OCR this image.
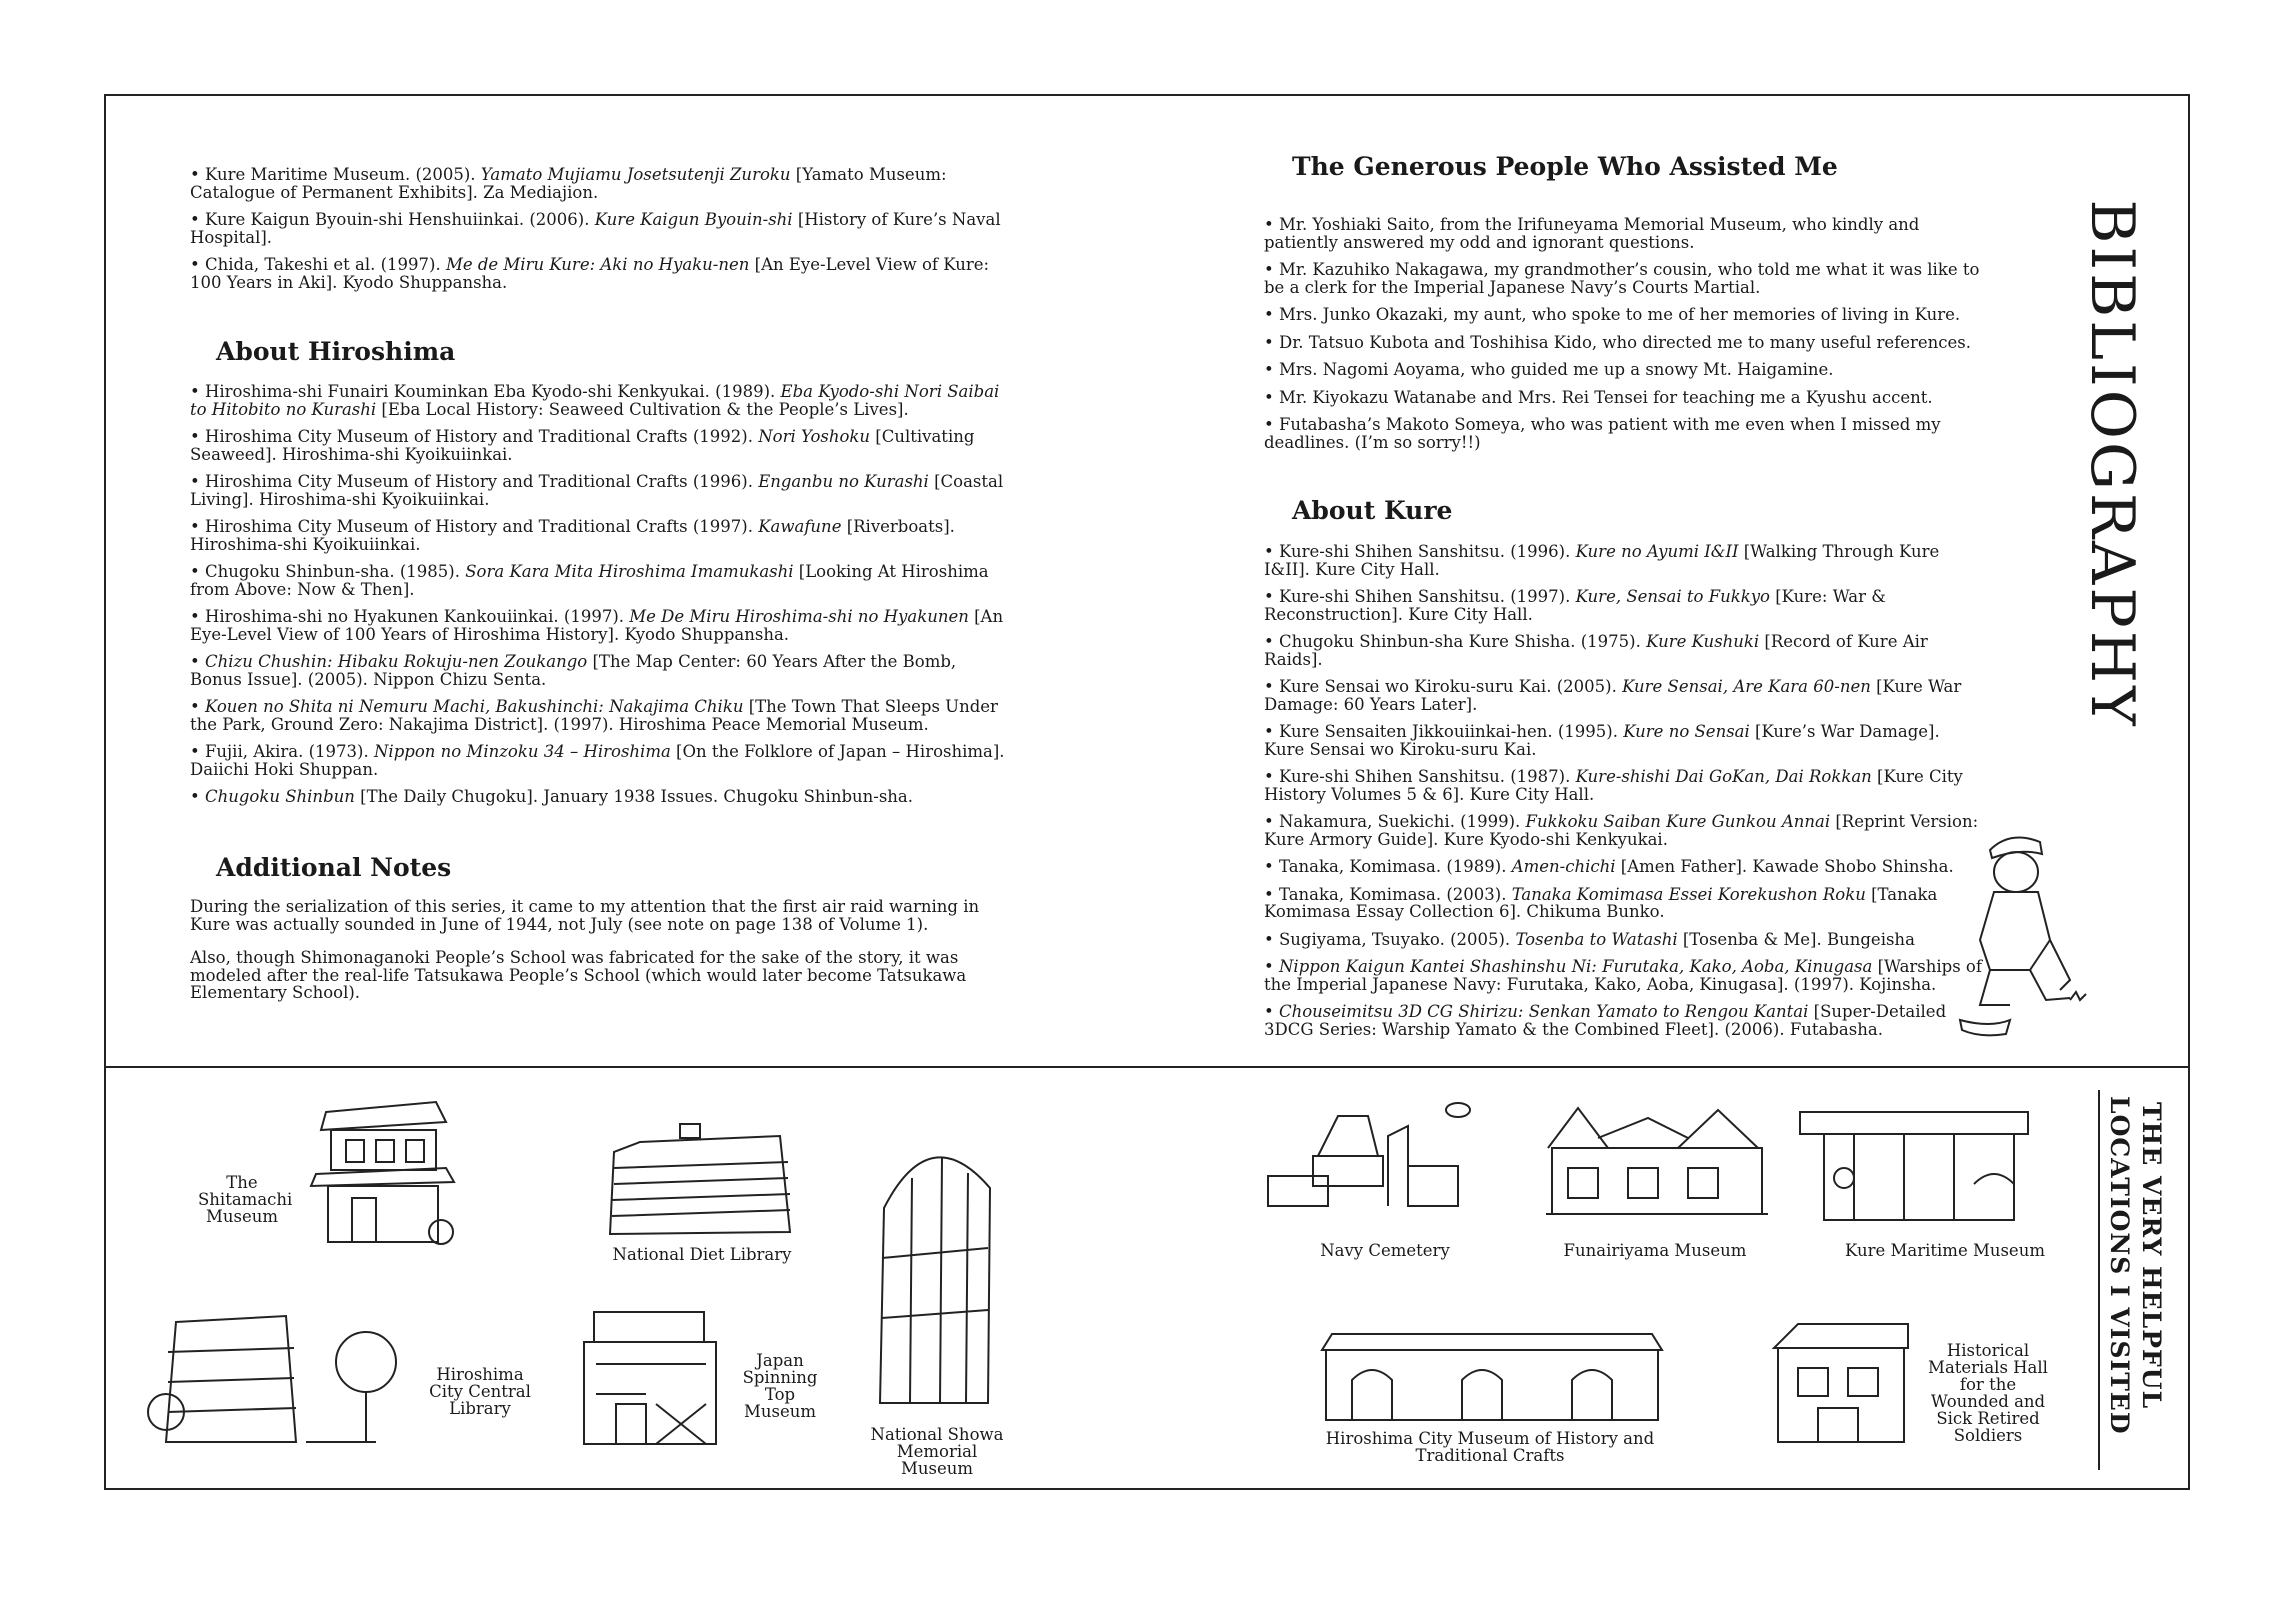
• Kure Maritime Museum. (2005). Yamato Mujiamu Josetsutenji Zuroku [Yamato Museum: Catalogue of Permanent Exhibits]. Za Mediajion.

• Kure Kaigun Byouin-shi Henshuiinkai. (2006). Kure Kaigun Byouin-shi [History of Kure’s Naval Hospital].

• Chida, Takeshi et al. (1997). Me de Miru Kure: Aki no Hyaku-nen [An Eye-Level View of Kure: 100 Years in Aki]. Kyodo Shuppansha.

About Hiroshima

• Hiroshima-shi Funairi Kouminkan Eba Kyodo-shi Kenkyukai. (1989). Eba Kyodo-shi Nori Saibai to Hitobito no Kurashi [Eba Local History: Seaweed Cultivation & the People’s Lives].

• Hiroshima City Museum of History and Traditional Crafts (1992). Nori Yoshoku [Cultivating Seaweed]. Hiroshima-shi Kyoikuiinkai.

• Hiroshima City Museum of History and Traditional Crafts (1996). Enganbu no Kurashi [Coastal Living]. Hiroshima-shi Kyoikuiinkai.

• Hiroshima City Museum of History and Traditional Crafts (1997). Kawafune [Riverboats]. Hiroshima-shi Kyoikuiinkai.

• Chugoku Shinbun-sha. (1985). Sora Kara Mita Hiroshima Imamukashi [Looking At Hiroshima from Above: Now & Then].

• Hiroshima-shi no Hyakunen Kankouiinkai. (1997). Me De Miru Hiroshima-shi no Hyakunen [An Eye-Level View of 100 Years of Hiroshima History]. Kyodo Shuppansha.

• Chizu Chushin: Hibaku Rokuju-nen Zoukango [The Map Center: 60 Years After the Bomb, Bonus Issue]. (2005). Nippon Chizu Senta.

• Kouen no Shita ni Nemuru Machi, Bakushinchi: Nakajima Chiku [The Town That Sleeps Under the Park, Ground Zero: Nakajima District]. (1997). Hiroshima Peace Memorial Museum.

• Fujii, Akira. (1973). Nippon no Minzoku 34 – Hiroshima [On the Folklore of Japan – Hiroshima]. Daiichi Hoki Shuppan.

• Chugoku Shinbun [The Daily Chugoku]. January 1938 Issues. Chugoku Shinbun-sha.

Additional Notes

During the serialization of this series, it came to my attention that the first air raid warning in Kure was actually sounded in June of 1944, not July (see note on page 138 of Volume 1).

Also, though Shimonaganoki People’s School was fabricated for the sake of the story, it was modeled after the real-life Tatsukawa People’s School (which would later become Tatsukawa Elementary School).

The Generous People Who Assisted Me

• Mr. Yoshiaki Saito, from the Irifuneyama Memorial Museum, who kindly and patiently answered my odd and ignorant questions.

• Mr. Kazuhiko Nakagawa, my grandmother’s cousin, who told me what it was like to be a clerk for the Imperial Japanese Navy’s Courts Martial.

• Mrs. Junko Okazaki, my aunt, who spoke to me of her memories of living in Kure.

• Dr. Tatsuo Kubota and Toshihisa Kido, who directed me to many useful references.

• Mrs. Nagomi Aoyama, who guided me up a snowy Mt. Haigamine.

• Mr. Kiyokazu Watanabe and Mrs. Rei Tensei for teaching me a Kyushu accent.

• Futabasha’s Makoto Someya, who was patient with me even when I missed my deadlines. (I’m so sorry!!)

About Kure

• Kure-shi Shihen Sanshitsu. (1996). Kure no Ayumi I&II [Walking Through Kure I&II]. Kure City Hall.

• Kure-shi Shihen Sanshitsu. (1997). Kure, Sensai to Fukkyo [Kure: War & Reconstruction]. Kure City Hall.

• Chugoku Shinbun-sha Kure Shisha. (1975). Kure Kushuki [Record of Kure Air Raids].

• Kure Sensai wo Kiroku-suru Kai. (2005). Kure Sensai, Are Kara 60-nen [Kure War Damage: 60 Years Later].

• Kure Sensaiten Jikkouiinkai-hen. (1995). Kure no Sensai [Kure’s War Damage]. Kure Sensai wo Kiroku-suru Kai.

• Kure-shi Shihen Sanshitsu. (1987). Kure-shishi Dai GoKan, Dai Rokkan [Kure City History Volumes 5 & 6]. Kure City Hall.

• Nakamura, Suekichi. (1999). Fukkoku Saiban Kure Gunkou Annai [Reprint Version: Kure Armory Guide]. Kure Kyodo-shi Kenkyukai.

• Tanaka, Komimasa. (1989). Amen-chichi [Amen Father]. Kawade Shobo Shinsha.

• Tanaka, Komimasa. (2003). Tanaka Komimasa Essei Korekushon Roku [Tanaka Komimasa Essay Collection 6]. Chikuma Bunko.

• Sugiyama, Tsuyako. (2005). Tosenba to Watashi [Tosenba & Me]. Bungeisha

• Nippon Kaigun Kantei Shashinshu Ni: Furutaka, Kako, Aoba, Kinugasa [Warships of the Imperial Japanese Navy: Furutaka, Kako, Aoba, Kinugasa]. (1997). Kojinsha.

• Chouseimitsu 3D CG Shirizu: Senkan Yamato to Rengou Kantai [Super-Detailed 3DCG Series: Warship Yamato & the Combined Fleet]. (2006). Futabasha.

BIBLIOGRAPHY
THE VERY HELPFUL
LOCATIONS I VISITED
The Shitamachi Museum
National Diet Library
National Showa Memorial Museum
Hiroshima City Central Library
Japan Spinning Top Museum
Navy Cemetery	Funairiyama Museum	Kure Maritime Museum
Hiroshima City Museum of History and Traditional Crafts
Historical Materials Hall for the Wounded and Sick Retired Soldiers
